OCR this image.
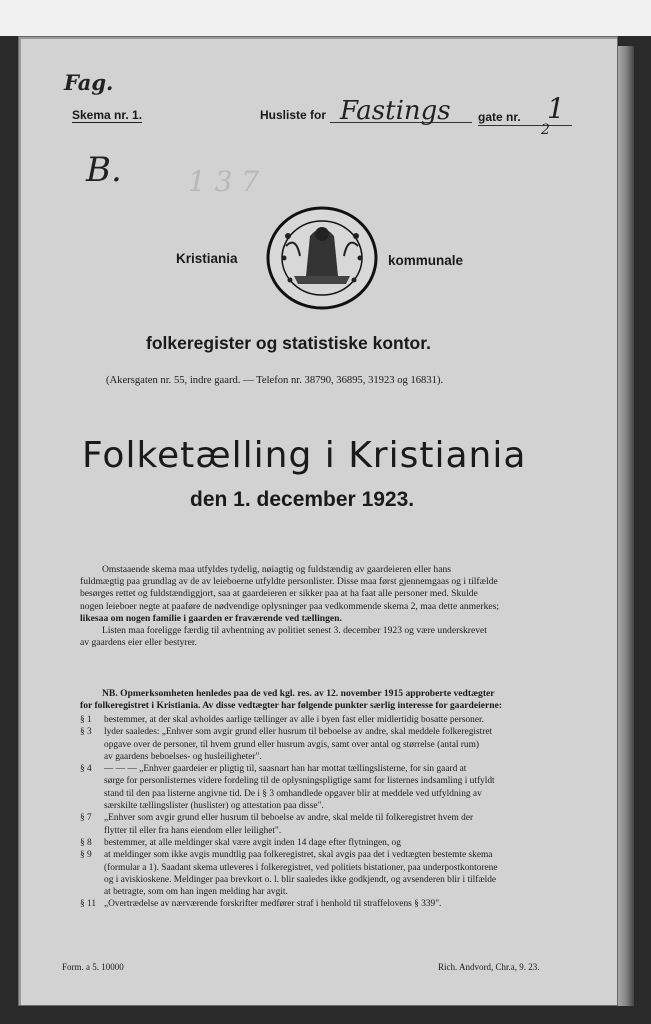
Fag.
Skema nr. 1.	Husliste for Fastings gate nr. 1
2
B. 1 3 7
Kristiania	kommunale
folkeregister og statistiske kontor.
(Akersgaten nr. 55, indre gaard. — Telefon nr. 38790, 36895, 31923 og 16831).
Folketælling i Kristiania
den 1. december 1923.
Omstaaende skema maa utfyldes tydelig, nøiagtig og fuldstændig av gaardeieren eller hans
fuldmægtig paa grundlag av de av leieboerne utfyldte personlister. Disse maa først gjennemgaas og i tilfælde
besørges rettet og fuldstændiggjort, saa at gaardeieren er sikker paa at ha faat alle personer med. Skulde
nogen leieboer negte at paaføre de nødvendige oplysninger paa vedkommende skema 2, maa dette anmerkes;
likesaa om nogen familie i gaarden er fraværende ved tællingen.
Listen maa foreligge færdig til avhentning av politiet senest 3. december 1923 og være underskrevet
av gaardens eier eller bestyrer.
NB. Opmerksomheten henledes paa de ved kgl. res. av 12. november 1915 approberte vedtægter
for folkeregistret i Kristiania. Av disse vedtægter har følgende punkter særlig interesse for gaardeierne:
§ 1	bestemmer, at der skal avholdes aarlige tællinger av alle i byen fast eller midlertidig bosatte personer.
§ 3	lyder saaledes: „Enhver som avgir grund eller husrum til beboelse av andre, skal meddele folkeregistret
opgave over de personer, til hvem grund eller husrum avgis, samt over antal og størrelse (antal rum)
av gaardens beboelses- og husleiligheter".
§ 4	— — — „Enhver gaardeier er pligtig til, saasnart han har mottat tællingslisterne, for sin gaard at
sørge for personlisternes videre fordeling til de oplysningspligtige samt for listernes indsamling i utfyldt
stand til den paa listerne angivne tid. De i § 3 omhandlede opgaver blir at meddele ved utfyldning av
særskilte tællingslister (huslister) og attestation paa disse".
§ 7	„Enhver som avgir grund eller husrum til beboelse av andre, skal melde til folkeregistret hvem der
flytter til eller fra hans eiendom eller leilighet".
§ 8	bestemmer, at alle meldinger skal være avgit inden 14 dage efter flytningen, og
§ 9	at meldinger som ikke avgis mundtlig paa folkeregistret, skal avgis paa det i vedtægten bestemte skema
(formular a 1). Saadant skema utleveres i folkeregistret, ved politiets bistationer, paa underpostkontorene
og i aviskioskene. Meldinger paa brevkort o. l. blir saaledes ikke godkjendt, og avsenderen blir i tilfælde
at betragte, som om han ingen melding har avgit.
§ 11 „Overtrædelse av nærværende forskrifter medfører straf i henhold til straffelovens § 339".
Form. a 5. 10000	Rich. Andvord, Chr.a, 9. 23.
